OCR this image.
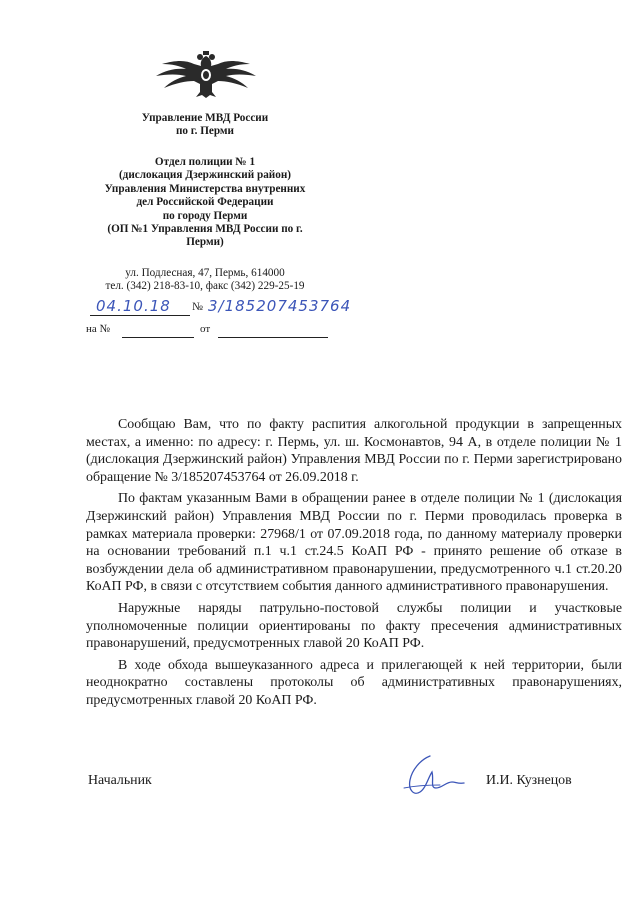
Управление МВД России
по г. Перми
Отдел полиции № 1
(дислокация Дзержинский район)
Управления Министерства внутренних
дел Российской Федерации
по городу Перми
(ОП №1 Управления МВД России по г.
Перми)
ул. Подлесная, 47, Пермь, 614000
тел. (342) 218-83-10, факс (342) 229-25-19
04.10.18 № 3/185207453764
на №	от

Сообщаю Вам, что по факту распития алкогольной продукции в запрещенных местах, а именно: по адресу: г. Пермь, ул. ш. Космонавтов, 94 А, в отделе полиции № 1 (дислокация Дзержинский район) Управления МВД России по г. Перми зарегистрировано обращение № 3/185207453764 от 26.09.2018 г.

По фактам указанным Вами в обращении ранее в отделе полиции № 1 (дислокация Дзержинский район) Управления МВД России по г. Перми проводилась проверка в рамках материала проверки: 27968/1 от 07.09.2018 года, по данному материалу проверки на основании требований п.1 ч.1 ст.24.5 КоАП РФ - принято решение об отказе в возбуждении дела об административном правонарушении, предусмотренного ч.1 ст.20.20 КоАП РФ, в связи с отсутствием события данного административного правонарушения.

Наружные наряды патрульно-постовой службы полиции и участковые уполномоченные полиции ориентированы по факту пресечения административных правонарушений, предусмотренных главой 20 КоАП РФ.

В ходе обхода вышеуказанного адреса и прилегающей к ней территории, были неоднократно составлены протоколы об административных правонарушениях, предусмотренных главой 20 КоАП РФ.

Начальник	И.И. Кузнецов
